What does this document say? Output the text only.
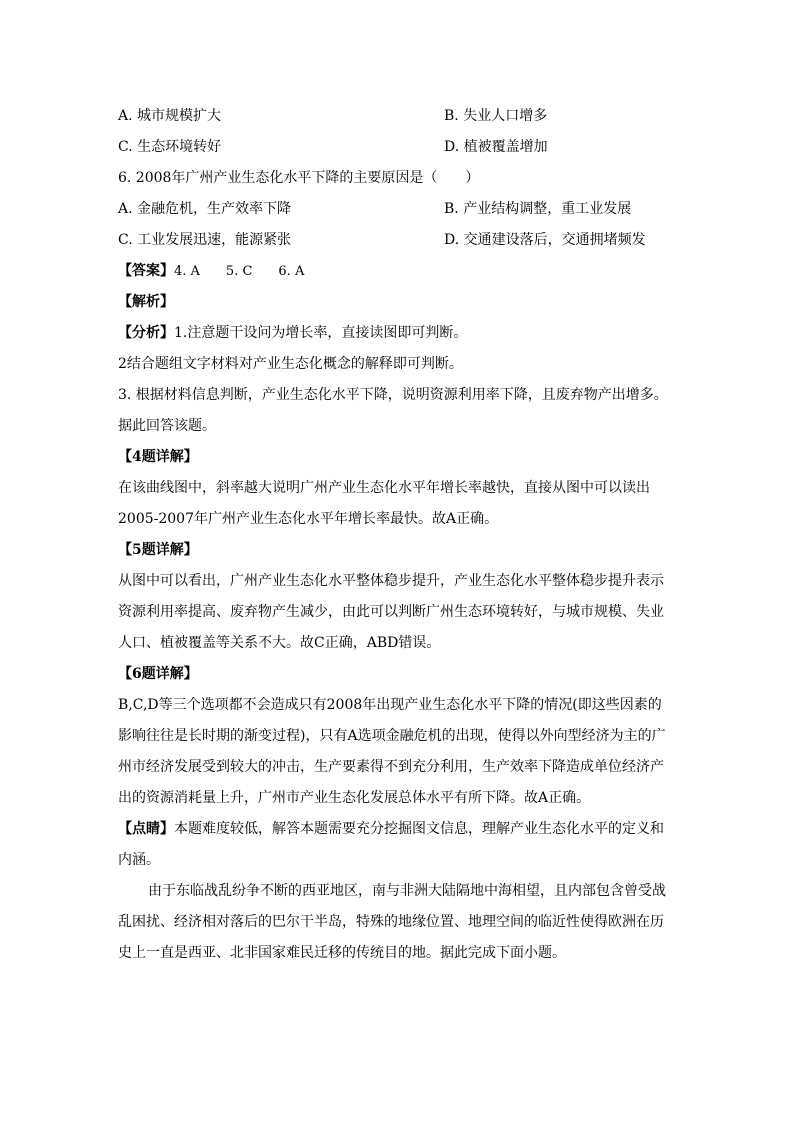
A. 城市规模扩大	B. 失业人口增多
C. 生态环境转好	D. 植被覆盖增加
6. 2008年广州产业生态化水平下降的主要原因是（　　）
A. 金融危机，生产效率下降	B. 产业结构调整，重工业发展
C. 工业发展迅速，能源紧张	D. 交通建设落后，交通拥堵频发
【答案】4. A　　5. C　　6. A
【解析】
【分析】1.注意题干设问为增长率，直接读图即可判断。
2结合题组文字材料对产业生态化概念的解释即可判断。
3. 根据材料信息判断，产业生态化水平下降，说明资源利用率下降，且废弃物产出增多。
据此回答该题。
【4题详解】
在该曲线图中，斜率越大说明广州产业生态化水平年增长率越快，直接从图中可以读出
2005-2007年广州产业生态化水平年增长率最快。故A正确。
【5题详解】
从图中可以看出，广州产业生态化水平整体稳步提升，产业生态化水平整体稳步提升表示
资源利用率提高、废弃物产生减少，由此可以判断广州生态环境转好，与城市规模、失业
人口、植被覆盖等关系不大。故C正确，ABD错误。
【6题详解】
B,C,D等三个选项都不会造成只有2008年出现产业生态化水平下降的情况(即这些因素的
影响往往是长时期的渐变过程)，只有A选项金融危机的出现，使得以外向型经济为主的广
州市经济发展受到较大的冲击，生产要素得不到充分利用，生产效率下降造成单位经济产
出的资源消耗量上升，广州市产业生态化发展总体水平有所下降。故A正确。
【点睛】本题难度较低，解答本题需要充分挖掘图文信息，理解产业生态化水平的定义和
内涵。
由于东临战乱纷争不断的西亚地区，南与非洲大陆隔地中海相望，且内部包含曾受战
乱困扰、经济相对落后的巴尔干半岛，特殊的地缘位置、地理空间的临近性使得欧洲在历
史上一直是西亚、北非国家难民迁移的传统目的地。据此完成下面小题。
